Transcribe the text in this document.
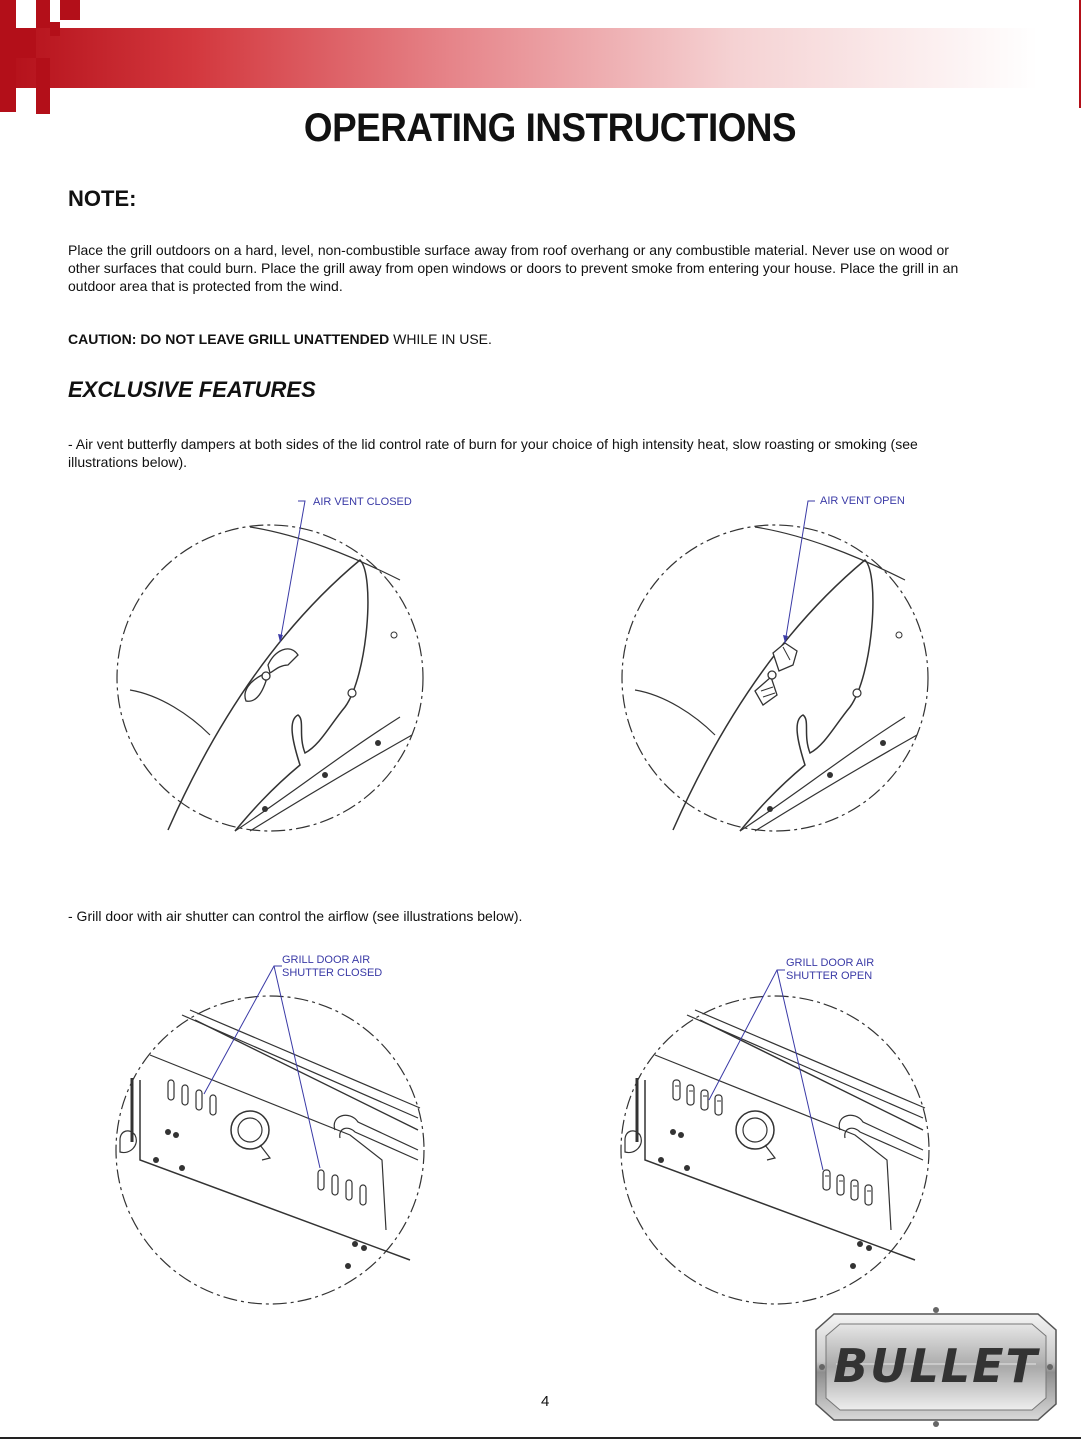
OPERATING INSTRUCTIONS
NOTE:
Place the grill outdoors on a hard, level, non-combustible surface away from roof overhang or any combustible material. Never use on wood or
other surfaces that could burn. Place the grill away from open windows or doors to prevent smoke from entering your house. Place the grill in an
outdoor area that is protected from the wind.

CAUTION: DO NOT LEAVE GRILL UNATTENDED WHILE IN USE.

EXCLUSIVE FEATURES
- Air vent butterfly dampers at both sides of the lid control rate of burn for your choice of high intensity heat, slow roasting or smoking (see
illustrations below).
AIR VENT CLOSED	AIR VENT OPEN
- Grill door with air shutter can control the airflow (see illustrations below).
GRILL DOOR AIR
SHUTTER CLOSED
GRILL DOOR AIR
SHUTTER OPEN
4
BULLET
